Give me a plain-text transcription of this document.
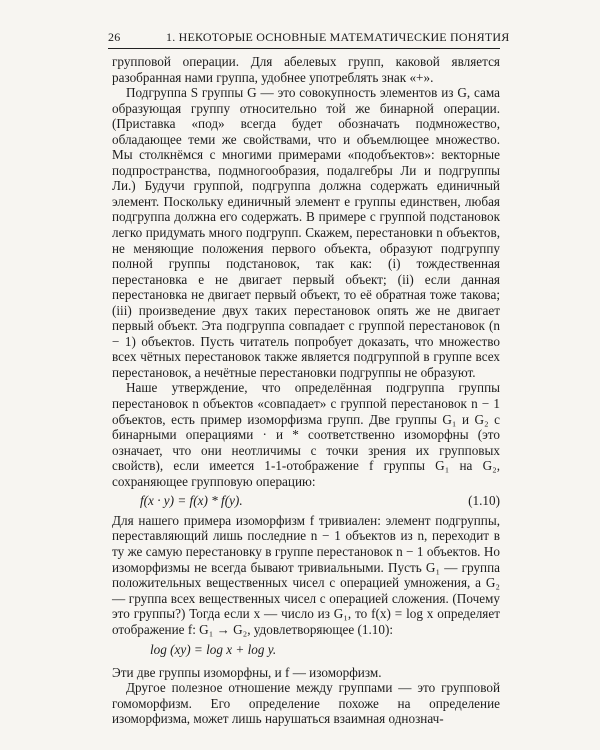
26	1. НЕКОТОРЫЕ ОСНОВНЫЕ МАТЕМАТИЧЕСКИЕ ПОНЯТИЯ

групповой операции. Для абелевых групп, каковой является разобранная нами группа, удобнее употреблять знак «+».

Подгруппа S группы G — это совокупность элементов из G, сама образующая группу относительно той же бинарной операции. (Приставка «под» всегда будет обозначать подмножество, обладающее теми же свойствами, что и объемлющее множество. Мы столкнёмся с многими примерами «подобъектов»: векторные подпространства, подмногообразия, подалгебры Ли и подгруппы Ли.) Будучи группой, подгруппа должна содержать единичный элемент. Поскольку единичный элемент e группы единствен, любая подгруппа должна его содержать. В примере с группой подстановок легко придумать много подгрупп. Скажем, перестановки n объектов, не меняющие положения первого объекта, образуют подгруппу полной группы подстановок, так как: (i) тождественная перестановка e не двигает первый объект; (ii) если данная перестановка не двигает первый объект, то её обратная тоже такова; (iii) произведение двух таких перестановок опять же не двигает первый объект. Эта подгруппа совпадает с группой перестановок (n − 1) объектов. Пусть читатель попробует доказать, что множество всех чётных перестановок также является подгруппой в группе всех перестановок, а нечётные перестановки подгруппы не образуют.

Наше утверждение, что определённая подгруппа группы перестановок n объектов «совпадает» с группой перестановок n − 1 объектов, есть пример изоморфизма групп. Две группы G₁ и G₂ с бинарными операциями · и * соответственно изоморфны (это означает, что они неотличимы с точки зрения их групповых свойств), если имеется 1-1-отображение f группы G₁ на G₂, сохраняющее групповую операцию:

f(x · y) = f(x) * f(y).	(1.10)

Для нашего примера изоморфизм f тривиален: элемент подгруппы, переставляющий лишь последние n − 1 объектов из n, переходит в ту же самую перестановку в группе перестановок n − 1 объектов. Но изоморфизмы не всегда бывают тривиальными. Пусть G₁ — группа положительных вещественных чисел с операцией умножения, а G₂ — группа всех вещественных чисел с операцией сложения. (Почему это группы?) Тогда если x — число из G₁, то f(x) = log x определяет отображение f: G₁ → G₂, удовлетворяющее (1.10):

log (xy) = log x + log y.

Эти две группы изоморфны, и f — изоморфизм.

Другое полезное отношение между группами — это групповой гомоморфизм. Его определение похоже на определение изоморфизма, может лишь нарушаться взаимная однознач-
